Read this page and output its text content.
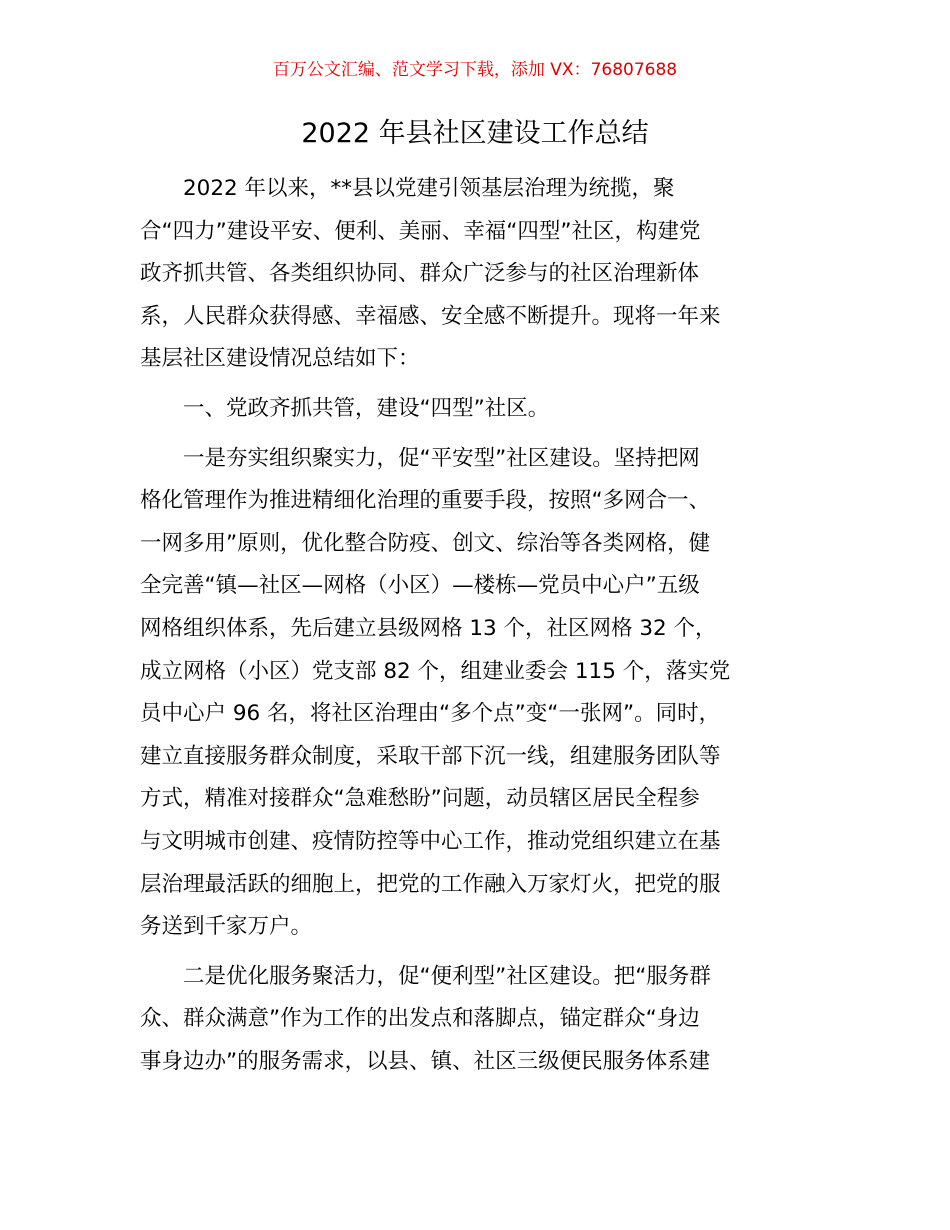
百万公文汇编、范文学习下载，添加 VX：76807688
2022 年县社区建设工作总结
　　2022 年以来，**县以党建引领基层治理为统揽，聚
合“四力”建设平安、便利、美丽、幸福“四型”社区，构建党
政齐抓共管、各类组织协同、群众广泛参与的社区治理新体
系，人民群众获得感、幸福感、安全感不断提升。现将一年来
基层社区建设情况总结如下：
　　一、党政齐抓共管，建设“四型”社区。
　　一是夯实组织聚实力，促“平安型”社区建设。坚持把网
格化管理作为推进精细化治理的重要手段，按照“多网合一、
一网多用”原则，优化整合防疫、创文、综治等各类网格，健
全完善“镇—社区—网格（小区）—楼栋—党员中心户”五级
网格组织体系，先后建立县级网格 13 个，社区网格 32 个，
成立网格（小区）党支部 82 个，组建业委会 115 个，落实党
员中心户 96 名，将社区治理由“多个点”变“一张网”。同时，
建立直接服务群众制度，采取干部下沉一线，组建服务团队等
方式，精准对接群众“急难愁盼”问题，动员辖区居民全程参
与文明城市创建、疫情防控等中心工作，推动党组织建立在基
层治理最活跃的细胞上，把党的工作融入万家灯火，把党的服
务送到千家万户。
　　二是优化服务聚活力，促“便利型”社区建设。把“服务群
众、群众满意”作为工作的出发点和落脚点，锚定群众“身边
事身边办”的服务需求，以县、镇、社区三级便民服务体系建
